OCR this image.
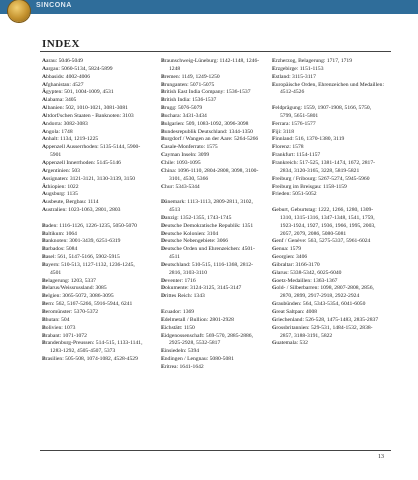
SINCONA
INDEX

Aarau: 5046-5049

Aargau: 5060-5134, 5824-5899

Abbasids: 4002-4006

Afghanistan: 4527

Ägypten: 501, 1004-1009, 4531

Alabama: 3405

Albanien: 502, 1010-1021, 3081-3081

Altdorf/schen Staaten - Banknoten: 3103

Andorra: 3082-3083

Angola: 1748

Anhalt: 1134, 1219-1225

Appenzell Ausserrhoden: 5135-5144, 5900-5901

Appenzell Innerrhoden: 5145-5146

Argentinien: 503

Assignaten: 3121-3121, 3130-3139, 3150

Äthiopien: 1022

Augsburg: 1135

Ausbeute, Bergbau: 1114

Australien: 1023-1063, 2801, 2803

Baden: 1116-1126, 1226-1235, 5050-5070

Baltikum: 1064

Banknoten: 3001-3439, 6251-6319

Barbados: 5084

Basel: 561, 5147-5166, 5902-5915

Bayern: 510-513, 1127-1132, 1236-1245, 4501

Belagerung: 1203, 5337

Belarus/Weissrussland: 3085

Belgien: 3065-5072, 3086-3095

Bern: 562, 5167-5266, 5916-5944, 6241

Beromünster: 5370-5372

Bhutan: 504

Bolivien: 1073

Brabant: 1071-1072

Brandenburg-Preussen: 514-515, 1133-1141, 1283-1292, 4505-4507, 5373

Brasilien: 505-508, 1074-1082, 4528-4529

Braunschweig-Lüneburg: 1142-1148, 1246-1248

Bremen: 1149, 1249-1250

Brunganten: 5071-5075

British East India Company: 1536-1537

British India: 1536-1537

Brugg: 5076-5079

Buchara: 3431-3434

Bulgarien: 509, 1083-1092, 3096-3098

Bundesrepublik Deutschland: 1344-1350

Burgdorf / Wangen an der Aare: 5264-5266

Casale-Monferrato: 1575

Cayman Inseln: 3099

Chile: 1093-1095

China: 1096-1110, 2804-2808, 3098, 3100-3101, 4530, 5366

Chur: 5343-5344

Dänemark: 1113-1113, 2809-2811, 3102, 4513

Danzig: 1352-1355, 1743-1745

Deutsche Demokratische Republik: 1351

Deutsche Kolonien: 3104

Deutsche Nebengebiete: 3066

Deutsche Orden und Ehrenzeichen: 4501-4511

Deutschland: 510-515, 1116-1368, 2812-2816, 3103-3110

Deventer: 1716

Dokumente: 3124-3125, 3145-3147

Drittes Reich: 1343

Ecuador: 1369

Edelmetall / Bullion: 2801-2928

Eichstätt: 1150

Eidgenossenschaft: 569-570, 2885-2886, 2925-2928, 5532-5817

Einsiedeln: 5394

Endingen / Lengnau: 5080-5081

Eritrea: 1641-1642

Erzherzog, Belagerung: 1717, 1719

Erzgebirge: 1151-1153

Estland: 3115-3117

Europäische Orden, Ehrenzeichen und Medaillen: 4512-4526

Feldprägung: 1559, 1907-1908, 5166, 5750, 5799, 5651-5801

Ferrara: 1576-1577

Fiji: 3118

Finnland: 516, 1370-1380, 3119

Florenz: 1578

Frankfurt: 1154-1157

Frankreich: 517-525, 1381-1474, 1672, 2817-2834, 3120-3165, 3228, 5819-5821

Freiburg / Fribourg: 5267-5274, 5945-5960

Freiburg im Breisgau: 1158-1159

Frieden: 5051-5052

Geburt, Geburtstag: 1222, 1266, 1280, 1309-1310, 1315-1316, 1347-1348, 1541, 1759, 1923-1924, 1927, 1936, 1966, 1995, 2003, 2057, 2079, 2086, 5080-5081

Genf / Genève: 563, 5275-5337, 5961-6024

Genua: 1579

Georgien: 3406

Gibraltar: 3166-3170

Glarus: 5338-5342, 6025-6040

Goetz-Medaillen: 1363-1367

Gold- / Silberbarren: 1098, 2807-2808, 2856, 2870, 2899, 2917-2918, 2922-2924

Graubünden: 564, 5343-5354, 6041-6050

Great Saltpan: 4008

Griechenland: 526-528, 1475-1483, 2835-2837

Grossbritannien: 529-531, 1484-1532, 2838-2857, 3188-3191, 5822

Guatemala: 532

13
